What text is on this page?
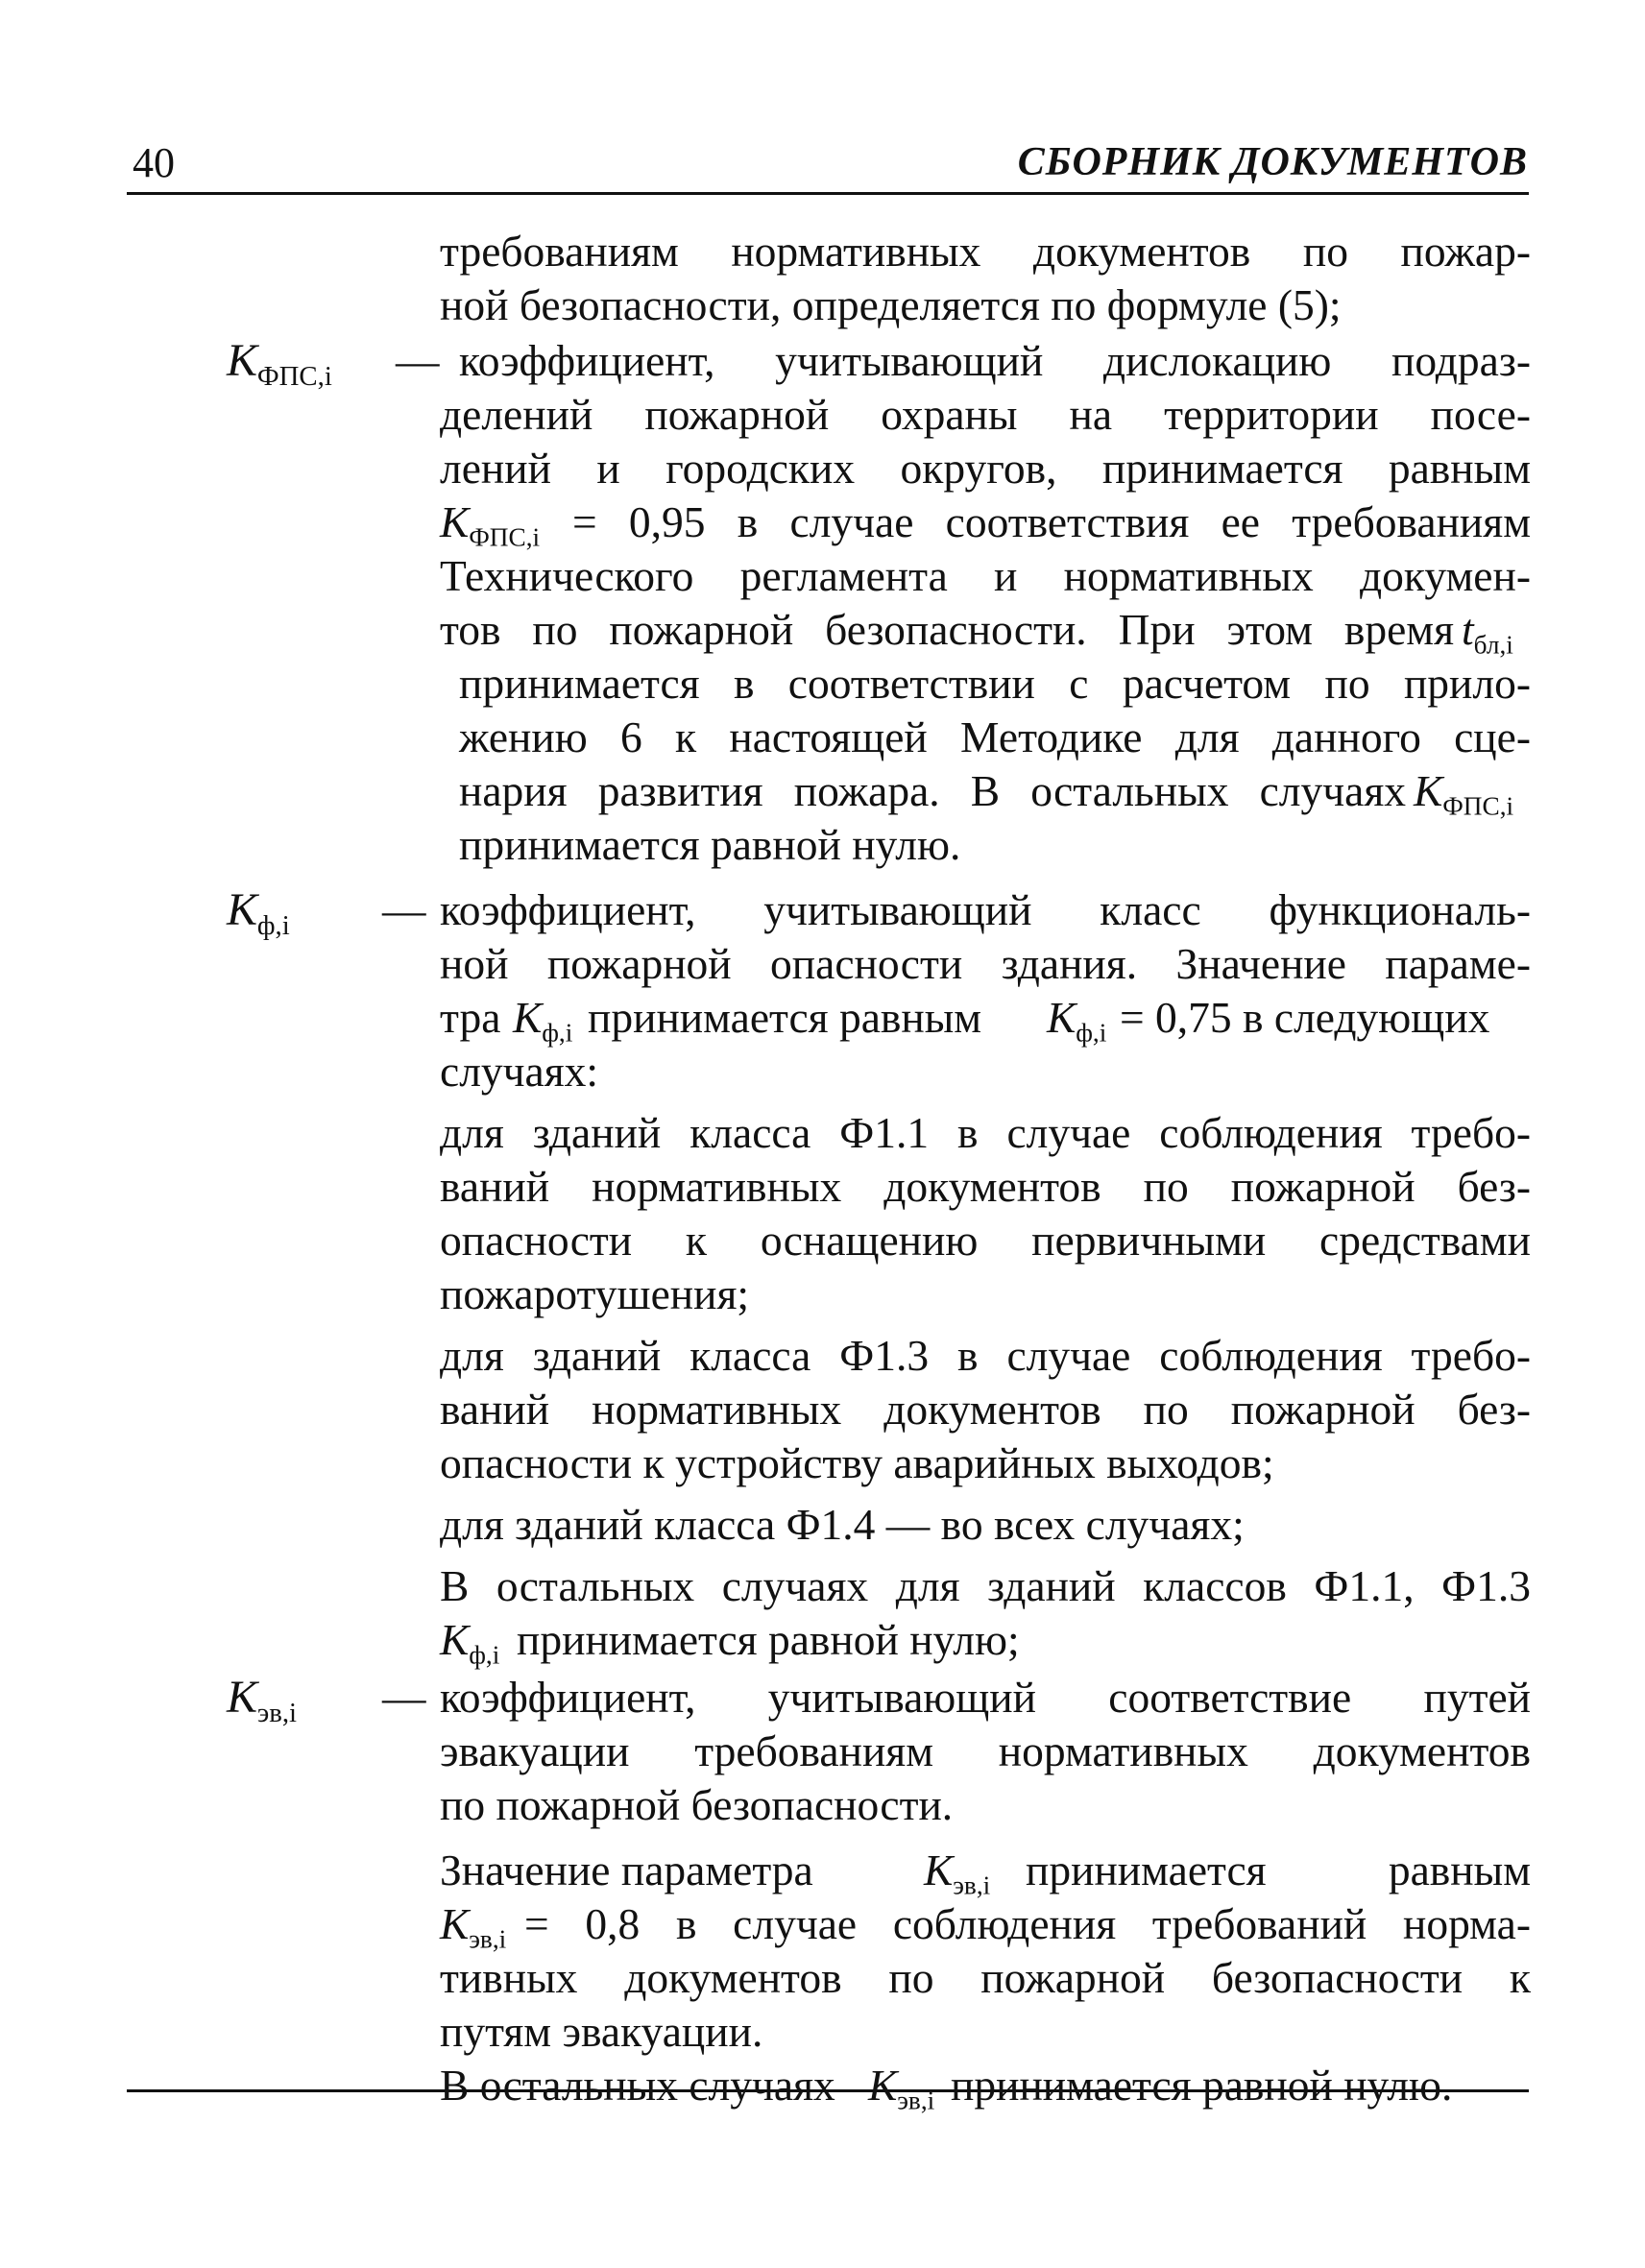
40	СБОРНИК ДОКУМЕНТОВ
требованиям нормативных документов по пожар-
ной безопасности, определяется по формуле (5);
$К_{ФПС,i}$ — коэффициент, учитывающий дислокацию подраз-
делений пожарной охраны на территории посе-
лений и городских округов, принимается равным
$К_{ФПС,i} = 0,95$ в случае соответствия ее требованиям
Технического регламента и нормативных докумен-
тов по пожарной безопасности. При этом время $t_{бл,i}$
принимается в соответствии с расчетом по прило-
жению 6 к настоящей Методике для данного сце-
нария развития пожара. В остальных случаях $К_{ФПС,i}$
принимается равной нулю.
$К_{ф,i}$ — коэффициент, учитывающий класс функциональ-
ной пожарной опасности здания. Значение параме-
тра $К_{ф,i}$ принимается равным $К_{ф,i} = 0,75$ в следующих
случаях:
для зданий класса Ф1.1 в случае соблюдения требо-
ваний нормативных документов по пожарной без-
опасности к оснащению первичными средствами
пожаротушения;
для зданий класса Ф1.3 в случае соблюдения требо-
ваний нормативных документов по пожарной без-
опасности к устройству аварийных выходов;
для зданий класса Ф1.4 — во всех случаях;
В остальных случаях для зданий классов Ф1.1, Ф1.3
$К_{ф,i}$ принимается равной нулю;
$К_{эв,i}$ — коэффициент, учитывающий соответствие путей
эвакуации требованиям нормативных документов
по пожарной безопасности.
Значение параметра	$К_{эв,i}$ принимается равным
$К_{эв,i} = 0,8$ в случае соблюдения требований норма-
тивных документов по пожарной безопасности к
путям эвакуации.
В остальных случаях $К_{эв,i}$ принимается равной нулю.
